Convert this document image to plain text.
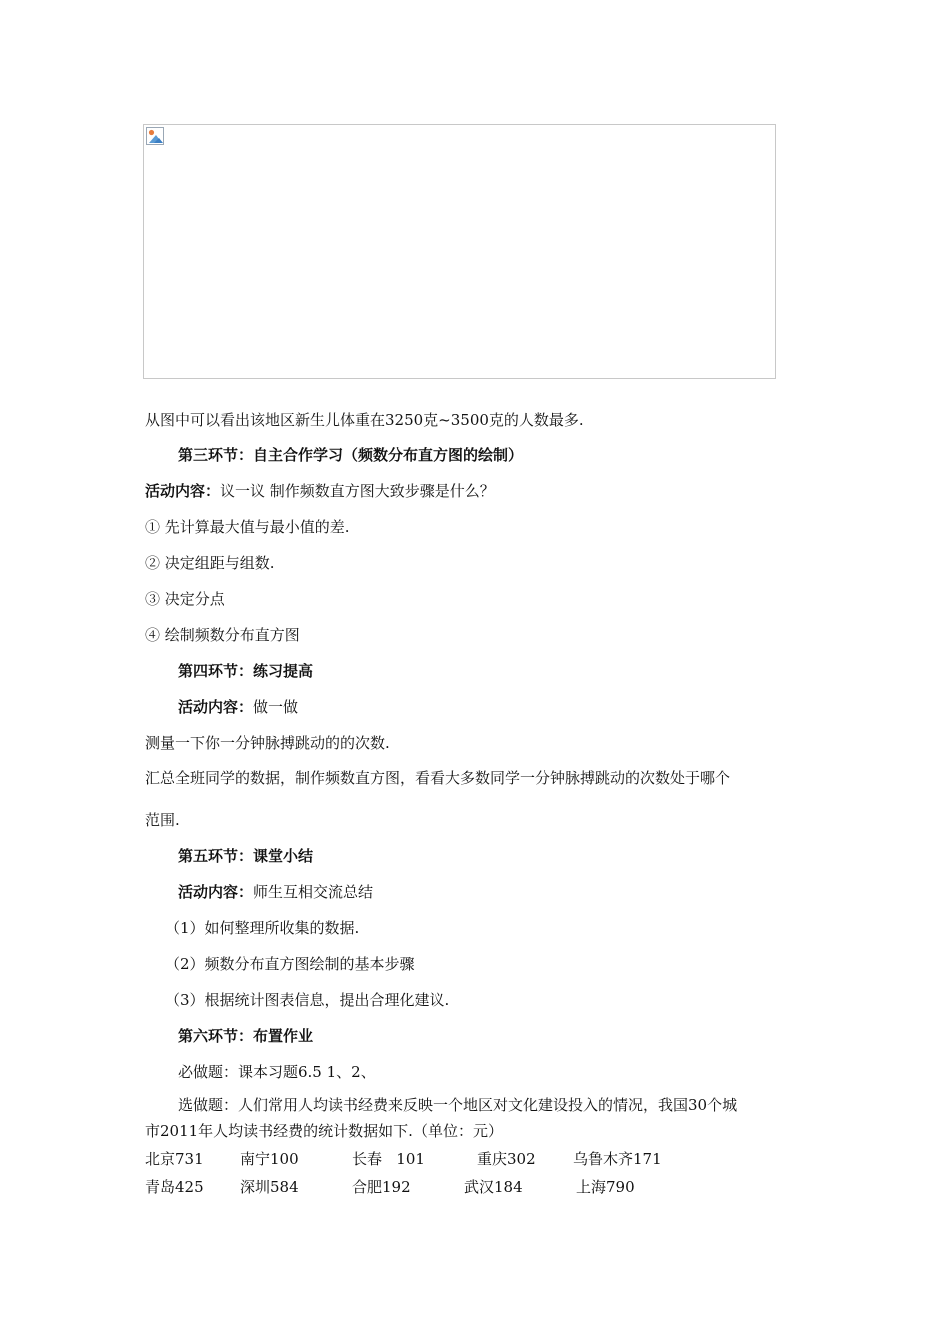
从图中可以看出该地区新生儿体重在3250克~3500克的人数最多.
第三环节：自主合作学习（频数分布直方图的绘制）
活动内容：议一议 制作频数直方图大致步骤是什么？
① 先计算最大值与最小值的差.
② 决定组距与组数.
③ 决定分点
④ 绘制频数分布直方图
第四环节：练习提高
活动内容：做一做
测量一下你一分钟脉搏跳动的的次数.
汇总全班同学的数据，制作频数直方图，看看大多数同学一分钟脉搏跳动的次数处于哪个
范围.
第五环节：课堂小结
活动内容：师生互相交流总结
（1）如何整理所收集的数据.
（2）频数分布直方图绘制的基本步骤
（3）根据统计图表信息，提出合理化建议.
第六环节：布置作业
必做题：课本习题6.5 1、2、
选做题：人们常用人均读书经费来反映一个地区对文化建设投入的情况，我国30个城
市2011年人均读书经费的统计数据如下.（单位：元）
北京731 南宁100	长春   101	重庆302 乌鲁木齐171
青岛425 深圳584	合肥192	武汉184	上海790
